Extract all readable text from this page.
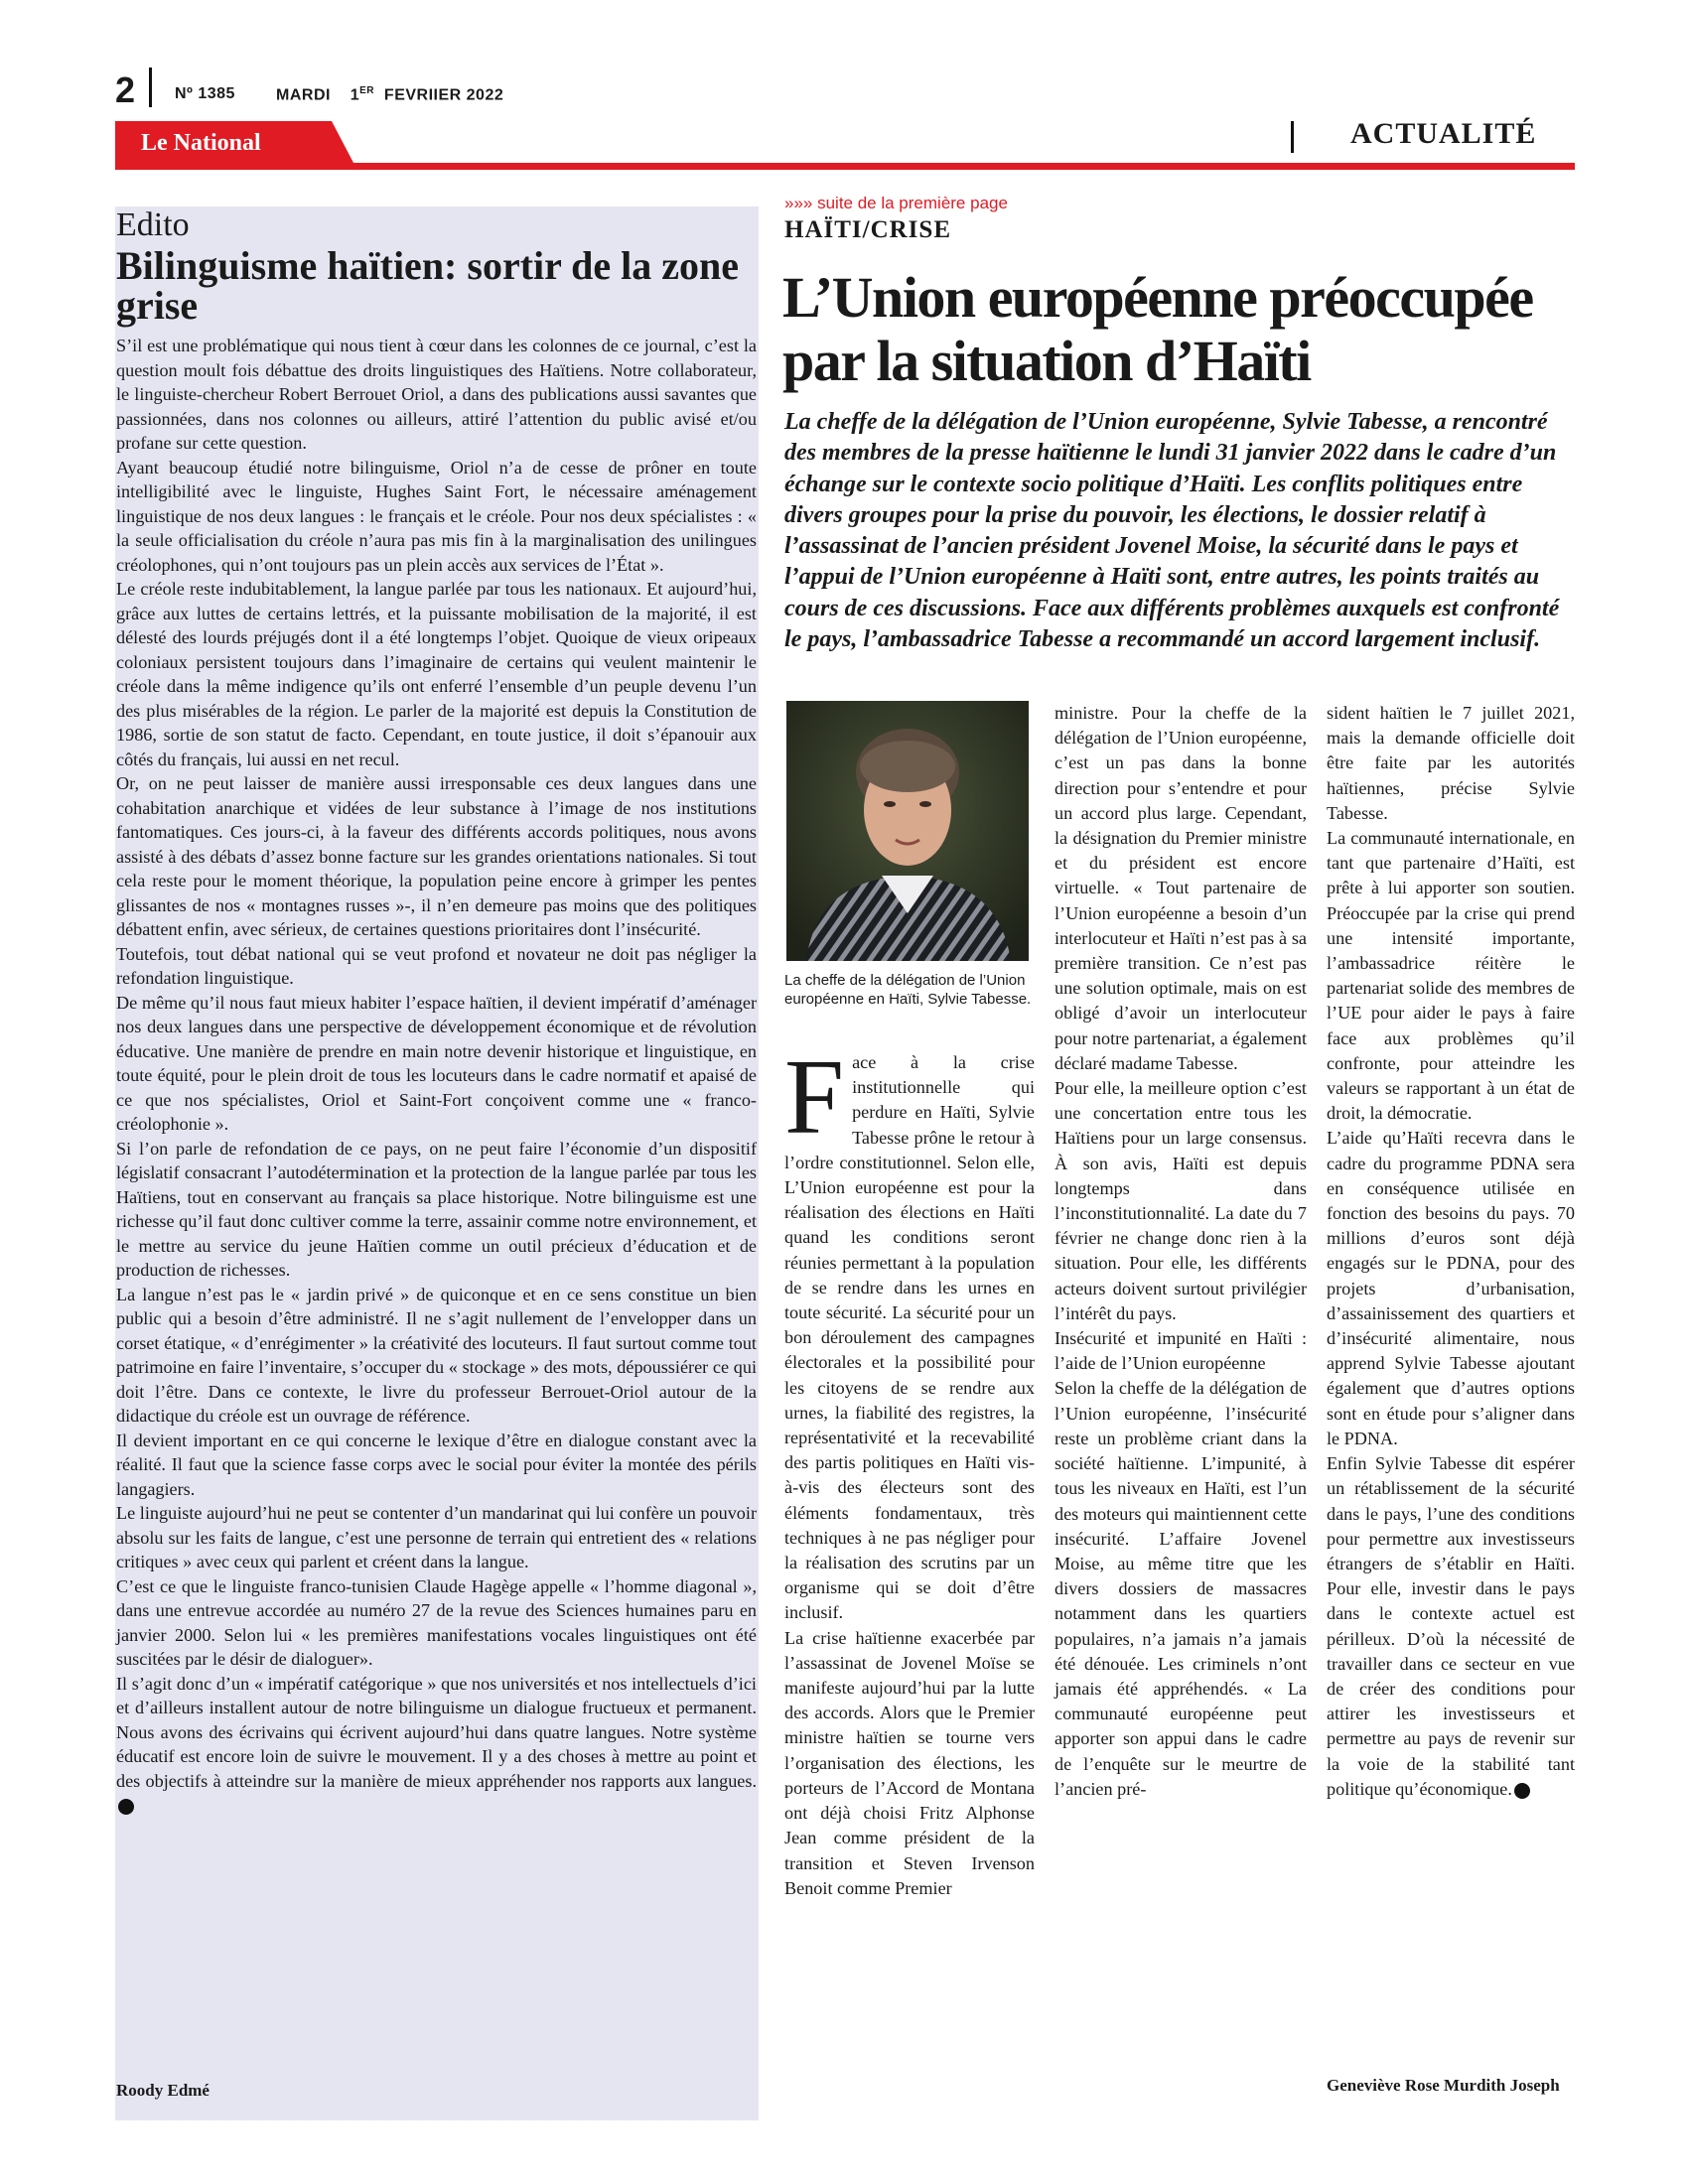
2 Nº 1385	MARDI 1ER FEVRIIER 2022
Le National	ACTUALITÉ
Edito
Bilinguisme haïtien: sortir de la zone grise

S’il est une problématique qui nous tient à cœur dans les colonnes de ce journal, c’est la question moult fois débattue des droits linguistiques des Haïtiens. Notre collaborateur, le linguiste-chercheur Robert Berrouet Oriol, a dans des publications aussi savantes que passionnées, dans nos colonnes ou ailleurs, attiré l’attention du public avisé et/ou profane sur cette question.

Ayant beaucoup étudié notre bilinguisme, Oriol n’a de cesse de prôner en toute intelligibilité avec le linguiste, Hughes Saint Fort, le nécessaire aménagement linguistique de nos deux langues : le français et le créole. Pour nos deux spécialistes : « la seule officialisation du créole n’aura pas mis fin à la marginalisation des unilingues créolophones, qui n’ont toujours pas un plein accès aux services de l’État ».

Le créole reste indubitablement, la langue parlée par tous les nationaux. Et aujourd’hui, grâce aux luttes de certains lettrés, et la puissante mobilisation de la majorité, il est délesté des lourds préjugés dont il a été longtemps l’objet. Quoique de vieux oripeaux coloniaux persistent toujours dans l’imaginaire de certains qui veulent maintenir le créole dans la même indigence qu’ils ont enferré l’ensemble d’un peuple devenu l’un des plus misérables de la région. Le parler de la majorité est depuis la Constitution de 1986, sortie de son statut de facto. Cependant, en toute justice, il doit s’épanouir aux côtés du français, lui aussi en net recul.

Or, on ne peut laisser de manière aussi irresponsable ces deux langues dans une cohabitation anarchique et vidées de leur substance à l’image de nos institutions fantomatiques. Ces jours-ci, à la faveur des différents accords politiques, nous avons assisté à des débats d’assez bonne facture sur les grandes orientations nationales. Si tout cela reste pour le moment théorique, la population peine encore à grimper les pentes glissantes de nos « montagnes russes »-, il n’en demeure pas moins que des politiques débattent enfin, avec sérieux, de certaines questions prioritaires dont l’insécurité.

Toutefois, tout débat national qui se veut profond et novateur ne doit pas négliger la refondation linguistique.

De même qu’il nous faut mieux habiter l’espace haïtien, il devient impératif d’aménager nos deux langues dans une perspective de développement économique et de révolution éducative. Une manière de prendre en main notre devenir historique et linguistique, en toute équité, pour le plein droit de tous les locuteurs dans le cadre normatif et apaisé de ce que nos spécialistes, Oriol et Saint-Fort conçoivent comme une « franco-créolophonie ».

Si l’on parle de refondation de ce pays, on ne peut faire l’économie d’un dispositif législatif consacrant l’autodétermination et la protection de la langue parlée par tous les Haïtiens, tout en conservant au français sa place historique. Notre bilinguisme est une richesse qu’il faut donc cultiver comme la terre, assainir comme notre environnement, et le mettre au service du jeune Haïtien comme un outil précieux d’éducation et de production de richesses.

La langue n’est pas le « jardin privé » de quiconque et en ce sens constitue un bien public qui a besoin d’être administré. Il ne s’agit nullement de l’envelopper dans un corset étatique, « d’enrégimenter » la créativité des locuteurs. Il faut surtout comme tout patrimoine en faire l’inventaire, s’occuper du « stockage » des mots, dépoussiérer ce qui doit l’être. Dans ce contexte, le livre du professeur Berrouet-Oriol autour de la didactique du créole est un ouvrage de référence.

Il devient important en ce qui concerne le lexique d’être en dialogue constant avec la réalité. Il faut que la science fasse corps avec le social pour éviter la montée des périls langagiers.

Le linguiste aujourd’hui ne peut se contenter d’un mandarinat qui lui confère un pouvoir absolu sur les faits de langue, c’est une personne de terrain qui entretient des « relations critiques » avec ceux qui parlent et créent dans la langue.

C’est ce que le linguiste franco-tunisien Claude Hagège appelle « l’homme diagonal », dans une entrevue accordée au numéro 27 de la revue des Sciences humaines paru en janvier 2000. Selon lui « les premières manifestations vocales linguistiques ont été suscitées par le désir de dialoguer».

Il s’agit donc d’un « impératif catégorique » que nos universités et nos intellectuels d’ici et d’ailleurs installent autour de notre bilinguisme un dialogue fructueux et permanent. Nous avons des écrivains qui écrivent aujourd’hui dans quatre langues. Notre système éducatif est encore loin de suivre le mouvement. Il y a des choses à mettre au point et des objectifs à atteindre sur la manière de mieux appréhender nos rapports aux langues.

Roody Edmé
»»» suite de la première page
HAÏTI/CRISE
L’Union européenne préoccupée par la situation d’Haïti
La cheffe de la délégation de l’Union européenne, Sylvie Tabesse, a rencontré des membres de la presse haïtienne le lundi 31 janvier 2022 dans le cadre d’un échange sur le contexte socio politique d’Haïti. Les conflits politiques entre divers groupes pour la prise du pouvoir, les élections, le dossier relatif à l’assassinat de l’ancien président Jovenel Moise, la sécurité dans le pays et l’appui de l’Union européenne à Haïti sont, entre autres, les points traités au cours de ces discussions. Face aux différents problèmes auxquels est confronté le pays, l’ambassadrice Tabesse a recommandé un accord largement inclusif.
La cheffe de la délégation de l’Union européenne en Haïti, Sylvie Tabesse.

Face à la crise institutionnelle qui perdure en Haïti, Sylvie Tabesse prône le retour à l’ordre constitutionnel. Selon elle, L’Union européenne est pour la réalisation des élections en Haïti quand les conditions seront réunies permettant à la population de se rendre dans les urnes en toute sécurité. La sécurité pour un bon déroulement des campagnes électorales et la possibilité pour les citoyens de se rendre aux urnes, la fiabilité des registres, la représentativité et la recevabilité des partis politiques en Haïti vis-à-vis des électeurs sont des éléments fondamentaux, très techniques à ne pas négliger pour la réalisation des scrutins par un organisme qui se doit d’être inclusif.

La crise haïtienne exacerbée par l’assassinat de Jovenel Moïse se manifeste aujourd’hui par la lutte des accords. Alors que le Premier ministre haïtien se tourne vers l’organisation des élections, les porteurs de l’Accord de Montana ont déjà choisi Fritz Alphonse Jean comme président de la transition et Steven Irvenson Benoit comme Premier

ministre. Pour la cheffe de la délégation de l’Union européenne, c’est un pas dans la bonne direction pour s’entendre et pour un accord plus large. Cependant, la désignation du Premier ministre et du président est encore virtuelle. « Tout partenaire de l’Union européenne a besoin d’un interlocuteur et Haïti n’est pas à sa première transition. Ce n’est pas une solution optimale, mais on est obligé d’avoir un interlocuteur pour notre partenariat, a également déclaré madame Tabesse.

Pour elle, la meilleure option c’est une concertation entre tous les Haïtiens pour un large consensus. À son avis, Haïti est depuis longtemps dans l’inconstitutionnalité. La date du 7 février ne change donc rien à la situation. Pour elle, les différents acteurs doivent surtout privilégier l’intérêt du pays.

Insécurité et impunité en Haïti : l’aide de l’Union européenne

Selon la cheffe de la délégation de l’Union européenne, l’insécurité reste un problème criant dans la société haïtienne. L’impunité, à tous les niveaux en Haïti, est l’un des moteurs qui maintiennent cette insécurité. L’affaire Jovenel Moise, au même titre que les divers dossiers de massacres notamment dans les quartiers populaires, n’a jamais n’a jamais été dénouée. Les criminels n’ont jamais été appréhendés. « La communauté européenne peut apporter son appui dans le cadre de l’enquête sur le meurtre de l’ancien pré-

sident haïtien le 7 juillet 2021, mais la demande officielle doit être faite par les autorités haïtiennes, précise Sylvie Tabesse.

La communauté internationale, en tant que partenaire d’Haïti, est prête à lui apporter son soutien. Préoccupée par la crise qui prend une intensité importante, l’ambassadrice réitère le partenariat solide des membres de l’UE pour aider le pays à faire face aux problèmes qu’il confronte, pour atteindre les valeurs se rapportant à un état de droit, la démocratie.

L’aide qu’Haïti recevra dans le cadre du programme PDNA sera en conséquence utilisée en fonction des besoins du pays. 70 millions d’euros sont déjà engagés sur le PDNA, pour des projets d’urbanisation, d’assainissement des quartiers et d’insécurité alimentaire, nous apprend Sylvie Tabesse ajoutant également que d’autres options sont en étude pour s’aligner dans le PDNA.

Enfin Sylvie Tabesse dit espérer un rétablissement de la sécurité dans le pays, l’une des conditions pour permettre aux investisseurs étrangers de s’établir en Haïti. Pour elle, investir dans le pays dans le contexte actuel est périlleux. D’où la nécessité de travailler dans ce secteur en vue de créer des conditions pour attirer les investisseurs et permettre au pays de revenir sur la voie de la stabilité tant politique qu’économique.

Geneviève Rose Murdith Joseph
